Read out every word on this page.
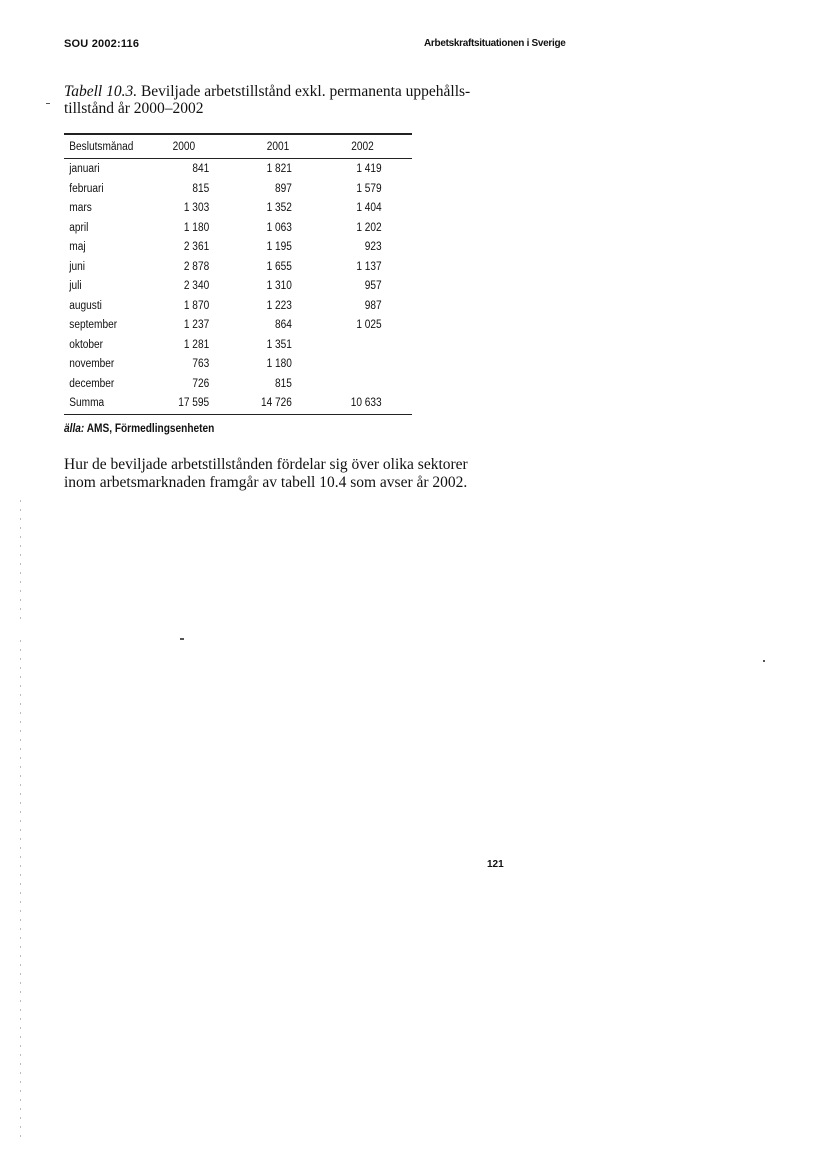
SOU 2002:116	Arbetskraftsituationen i Sverige
Tabell 10.3. Beviljade arbetstillstånd exkl. permanenta uppehålls-
tillstånd år 2000–2002
Beslutsmånad	2000	2001	2002
januari	841	1 821	1 419
februari	815	897	1 579
mars	1 303	1 352	1 404
april	1 180	1 063	1 202
maj	2 361	1 195	923
juni	2 878	1 655	1 137
juli	2 340	1 310	957
augusti	1 870	1 223	987
september	1 237	864	1 025
oktober	1 281	1 351
november	763	1 180
december	726	815
Summa	17 595	14 726	10 633
älla: AMS, Förmedlingsenheten
Hur de beviljade arbetstillstånden fördelar sig över olika sektorer
inom arbetsmarknaden framgår av tabell 10.4 som avser år 2002.
121
